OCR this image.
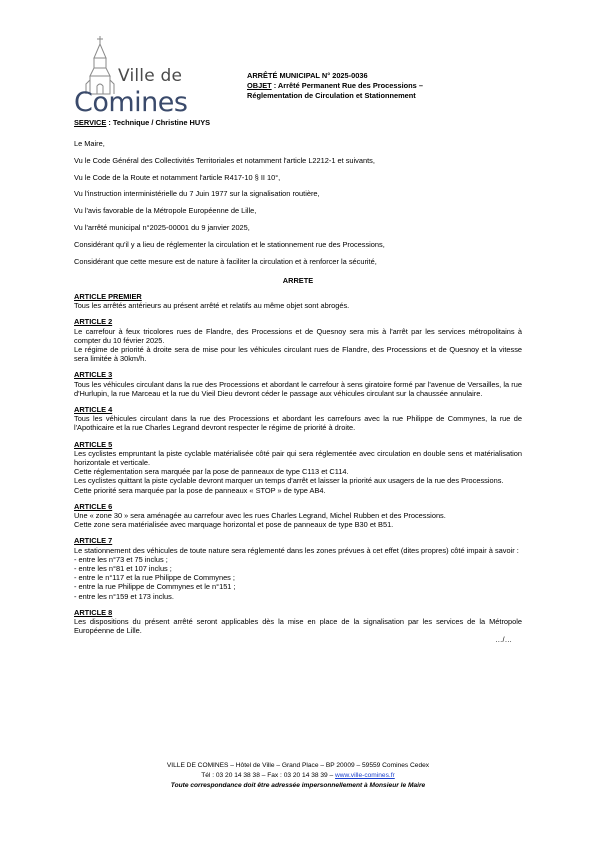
Ville de
Comines
ARRÊTÉ MUNICIPAL N° 2025-0036
OBJET : Arrêté Permanent Rue des Processions –
Réglementation de Circulation et Stationnement
SERVICE : Technique / Christine HUYS

Le Maire,

Vu le Code Général des Collectivités Territoriales et notamment l'article L2212-1 et suivants,

Vu le Code de la Route et notamment l'article R417-10 § II 10°,

Vu l'instruction interministérielle du 7 Juin 1977 sur la signalisation routière,

Vu l'avis favorable de la Métropole Européenne de Lille,

Vu l'arrêté municipal n°2025-00001 du 9 janvier 2025,

Considérant qu'il y a lieu de réglementer la circulation et le stationnement rue des Processions,

Considérant que cette mesure est de nature à faciliter la circulation et à renforcer la sécurité,

ARRETE

ARTICLE PREMIER

Tous les arrêtés antérieurs au présent arrêté et relatifs au même objet sont abrogés.

ARTICLE 2

Le carrefour à feux tricolores rues de Flandre, des Processions et de Quesnoy sera mis à l'arrêt par les services métropolitains à compter du 10 février 2025.

Le régime de priorité à droite sera de mise pour les véhicules circulant rues de Flandre, des Processions et de Quesnoy et la vitesse sera limitée à 30km/h.

ARTICLE 3

Tous les véhicules circulant dans la rue des Processions et abordant le carrefour à sens giratoire formé par l'avenue de Versailles, la rue d'Hurlupin, la rue Marceau et la rue du Vieil Dieu devront céder le passage aux véhicules circulant sur la chaussée annulaire.

ARTICLE 4

Tous les véhicules circulant dans la rue des Processions et abordant les carrefours avec la rue Philippe de Commynes, la rue de l'Apothicaire et la rue Charles Legrand devront respecter le régime de priorité à droite.

ARTICLE 5

Les cyclistes empruntant la piste cyclable matérialisée côté pair qui sera réglementée avec circulation en double sens et matérialisation horizontale et verticale.

Cette réglementation sera marquée par la pose de panneaux de type C113 et C114.

Les cyclistes quittant la piste cyclable devront marquer un temps d'arrêt et laisser la priorité aux usagers de la rue des Processions.

Cette priorité sera marquée par la pose de panneaux « STOP » de type AB4.

ARTICLE 6

Une « zone 30 » sera aménagée au carrefour avec les rues Charles Legrand, Michel Rubben et des Processions.

Cette zone sera matérialisée avec marquage horizontal et pose de panneaux de type B30 et B51.

ARTICLE 7

Le stationnement des véhicules de toute nature sera réglementé dans les zones prévues à cet effet (dites propres) côté impair à savoir :

- entre les n°73 et 75 inclus ;

- entre les n°81 et 107 inclus ;

- entre le n°117 et la rue Philippe de Commynes ;

- entre la rue Philippe de Commynes et le n°151 ;

- entre les n°159 et 173 inclus.

ARTICLE 8

Les dispositions du présent arrêté seront applicables dès la mise en place de la signalisation par les services de la Métropole Européenne de Lille.

…/…

VILLE DE COMINES – Hôtel de Ville – Grand Place – BP 20009 – 59559 Comines Cedex
Tél : 03 20 14 38 38 – Fax : 03 20 14 38 39 – www.ville-comines.fr
Toute correspondance doit être adressée impersonnellement à Monsieur le Maire
